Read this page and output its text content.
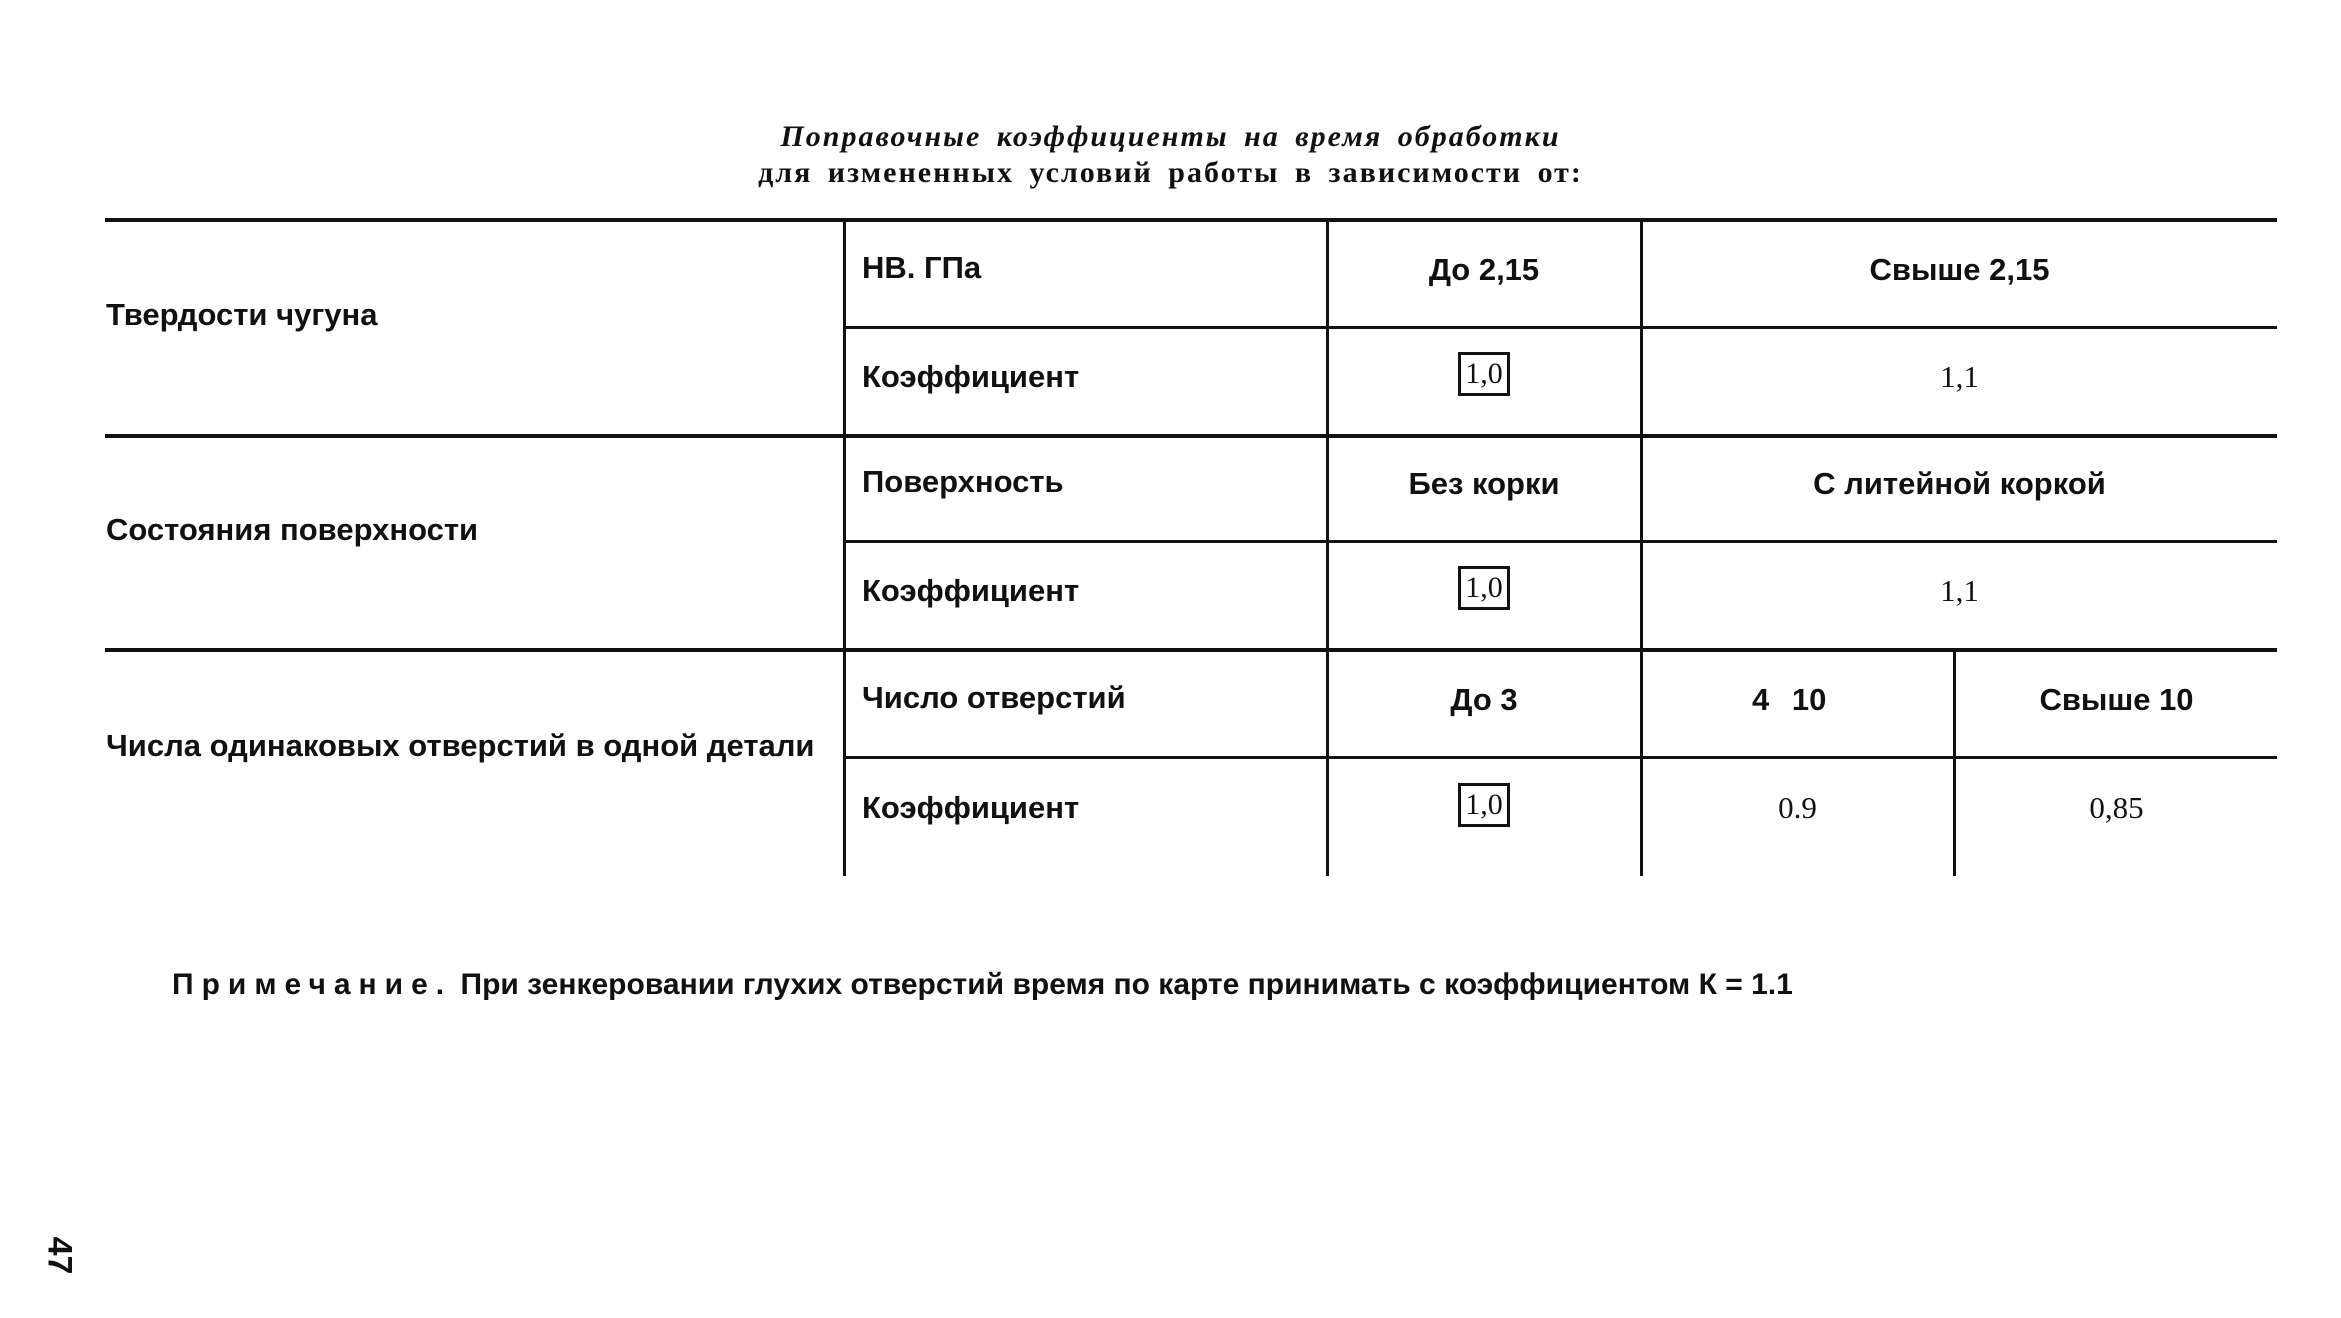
Поправочные коэффициенты на время обработки
для измененных условий работы в зависимости от:
Твердости чугуна
НВ. ГПа	До 2,15	Свыше 2,15
Коэффициент	1,0	1,1
Состояния поверхности
Поверхность	Без корки	С литейной коркой
Коэффициент	1,0	1,1
Числа одинаковых отверстий в одной детали
Число отверстий	До 3	4 10	Свыше 10
Коэффициент	1,0	0.9	0,85
Примечание. При зенкеровании глухих отверстий время по карте принимать с коэффициентом К = 1.1
47
